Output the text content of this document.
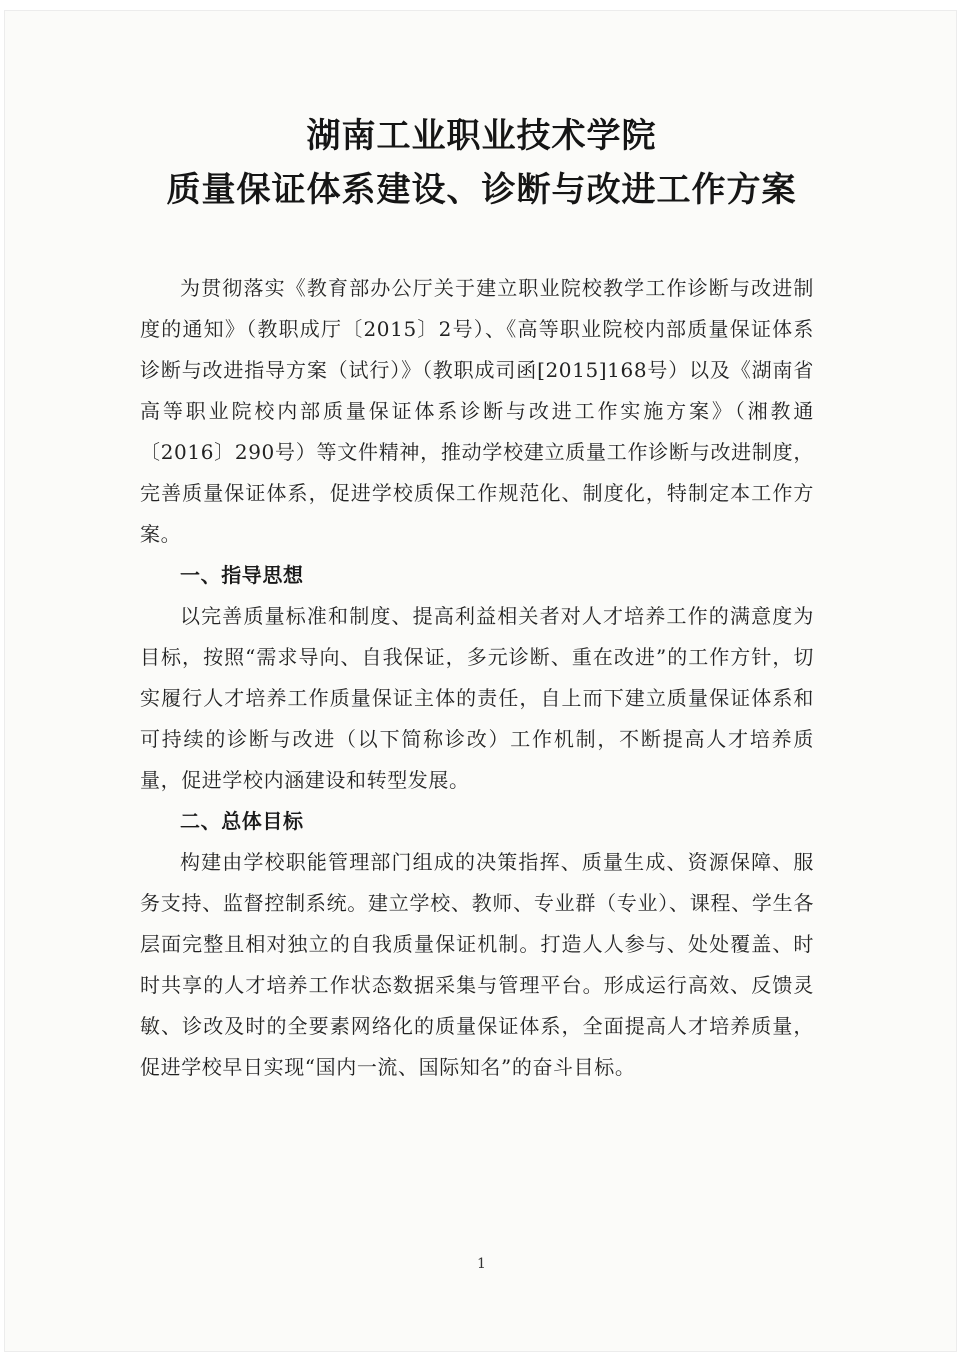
湖南工业职业技术学院
质量保证体系建设、诊断与改进工作方案

为贯彻落实《教育部办公厅关于建立职业院校教学工作诊断与改进制度的通知》（教职成厅〔2015〕2号）、《高等职业院校内部质量保证体系诊断与改进指导方案（试行）》（教职成司函[2015]168号）以及《湖南省高等职业院校内部质量保证体系诊断与改进工作实施方案》（湘教通〔2016〕290号）等文件精神，推动学校建立质量工作诊断与改进制度，完善质量保证体系，促进学校质保工作规范化、制度化，特制定本工作方案。

一、指导思想

以完善质量标准和制度、提高利益相关者对人才培养工作的满意度为目标，按照“需求导向、自我保证，多元诊断、重在改进”的工作方针，切实履行人才培养工作质量保证主体的责任，自上而下建立质量保证体系和可持续的诊断与改进（以下简称诊改）工作机制，不断提高人才培养质量，促进学校内涵建设和转型发展。

二、总体目标

构建由学校职能管理部门组成的决策指挥、质量生成、资源保障、服务支持、监督控制系统。建立学校、教师、专业群（专业）、课程、学生各层面完整且相对独立的自我质量保证机制。打造人人参与、处处覆盖、时时共享的人才培养工作状态数据采集与管理平台。形成运行高效、反馈灵敏、诊改及时的全要素网络化的质量保证体系，全面提高人才培养质量，促进学校早日实现“国内一流、国际知名”的奋斗目标。

1
